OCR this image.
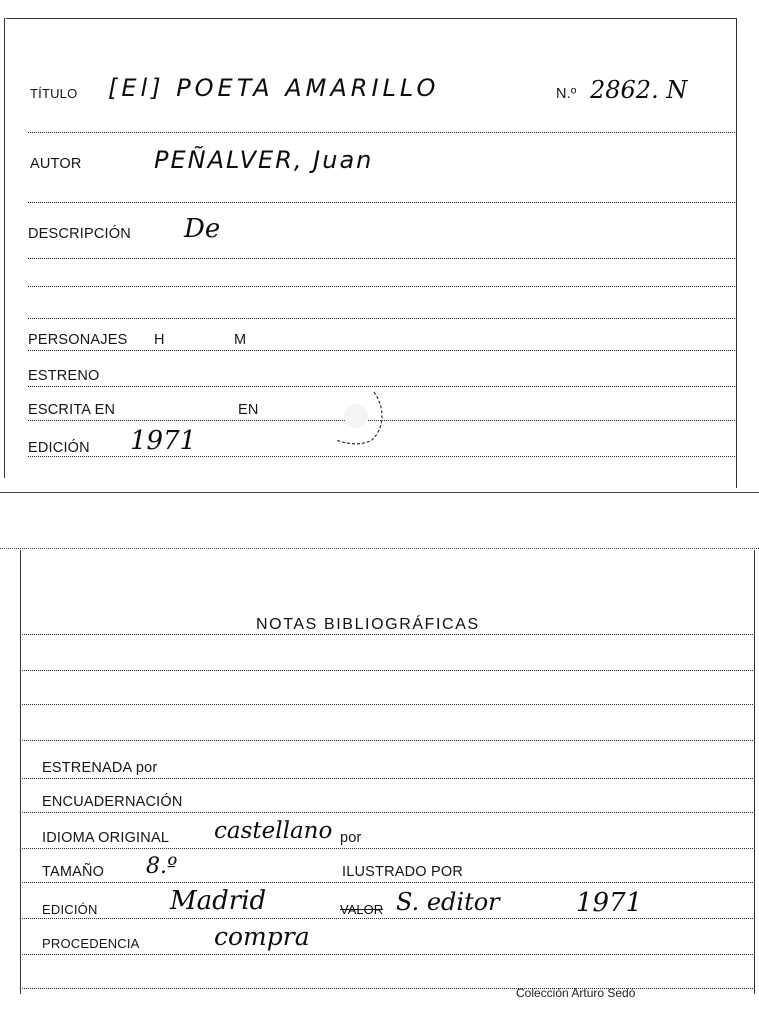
TÍTULO [El] POETA AMARILLO	N.º 2862. N
AUTOR	PEÑALVER, Juan
DESCRIPCIÓN De
PERSONAJES H	M
ESTRENO
ESCRITA EN	EN
EDICIÓN 1971
NOTAS BIBLIOGRÁFICAS
ESTRENADA por
ENCUADERNACIÓN
IDIOMA ORIGINAL castellano por
TAMAÑO 8.º	ILUSTRADO POR
EDICIÓN	Madrid	VALOR S. editor	1971
PROCEDENCIA	compra
Colección Arturo Sedó
